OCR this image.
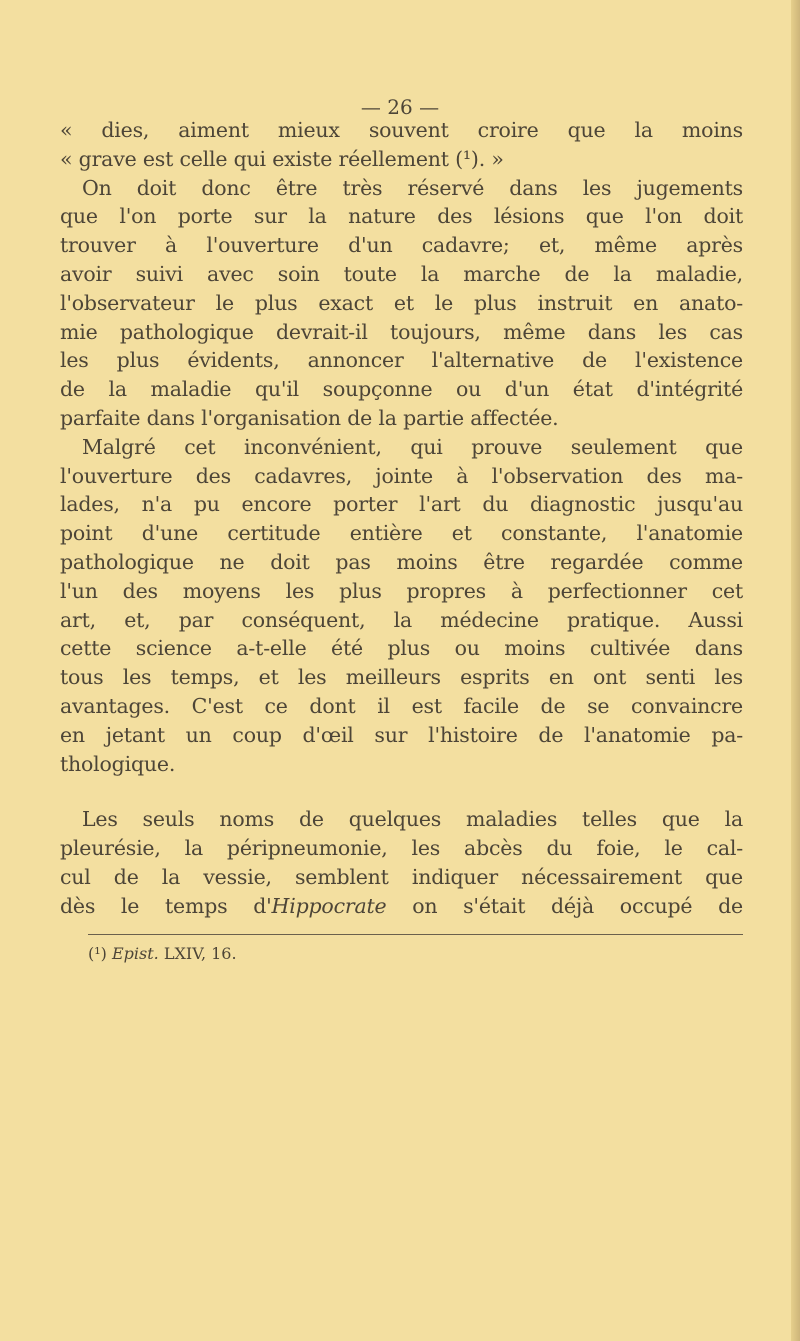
— 26 —
« dies, aiment mieux souvent croire que la moins
« grave est celle qui existe réellement (¹). »
On doit donc être très réservé dans les jugements
que l'on porte sur la nature des lésions que l'on doit
trouver à l'ouverture d'un cadavre; et, même après
avoir suivi avec soin toute la marche de la maladie,
l'observateur le plus exact et le plus instruit en anato-
mie pathologique devrait-il toujours, même dans les cas
les plus évidents, annoncer l'alternative de l'existence
de la maladie qu'il soupçonne ou d'un état d'intégrité
parfaite dans l'organisation de la partie affectée.
Malgré cet inconvénient, qui prouve seulement que
l'ouverture des cadavres, jointe à l'observation des ma-
lades, n'a pu encore porter l'art du diagnostic jusqu'au
point d'une certitude entière et constante, l'anatomie
pathologique ne doit pas moins être regardée comme
l'un des moyens les plus propres à perfectionner cet
art, et, par conséquent, la médecine pratique. Aussi
cette science a-t-elle été plus ou moins cultivée dans
tous les temps, et les meilleurs esprits en ont senti les
avantages. C'est ce dont il est facile de se convaincre
en jetant un coup d'œil sur l'histoire de l'anatomie pa-
thologique.
Les seuls noms de quelques maladies telles que la
pleurésie, la péripneumonie, les abcès du foie, le cal-
cul de la vessie, semblent indiquer nécessairement que
dès le temps d'Hippocrate on s'était déjà occupé de
(¹) Epist. LXIV, 16.
